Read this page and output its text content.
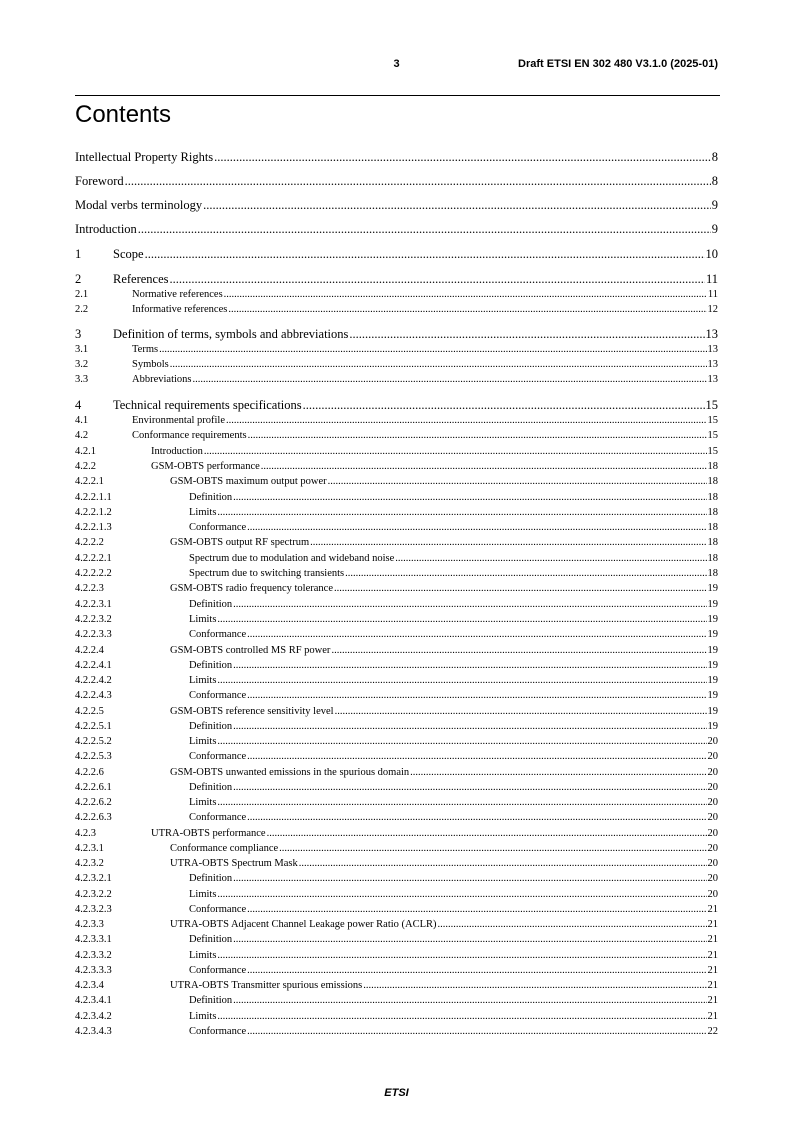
3	Draft ETSI EN 302 480 V3.1.0 (2025-01)
Contents
Intellectual Property Rights .....	8
Foreword .....	8
Modal verbs terminology .....	9
Introduction .....	9
1	Scope .....	10
2	References .....	11
2.1	Normative references .....	11
2.2	Informative references .....	12
3	Definition of terms, symbols and abbreviations .....	13
3.1	Terms .....	13
3.2	Symbols .....	13
3.3	Abbreviations .....	13
4	Technical requirements specifications .....	15
4.1	Environmental profile .....	15
4.2	Conformance requirements .....	15
4.2.1	Introduction .....	15
4.2.2	GSM-OBTS performance .....	18
4.2.2.1	GSM-OBTS maximum output power .....	18
4.2.2.1.1	Definition .....	18
4.2.2.1.2	Limits .....	18
4.2.2.1.3	Conformance .....	18
4.2.2.2	GSM-OBTS output RF spectrum .....	18
4.2.2.2.1	Spectrum due to modulation and wideband noise .....	18
4.2.2.2.2	Spectrum due to switching transients .....	18
4.2.2.3	GSM-OBTS radio frequency tolerance .....	19
4.2.2.3.1	Definition .....	19
4.2.2.3.2	Limits .....	19
4.2.2.3.3	Conformance .....	19
4.2.2.4	GSM-OBTS controlled MS RF power .....	19
4.2.2.4.1	Definition .....	19
4.2.2.4.2	Limits .....	19
4.2.2.4.3	Conformance .....	19
4.2.2.5	GSM-OBTS reference sensitivity level .....	19
4.2.2.5.1	Definition .....	19
4.2.2.5.2	Limits .....	20
4.2.2.5.3	Conformance .....	20
4.2.2.6	GSM-OBTS unwanted emissions in the spurious domain .....	20
4.2.2.6.1	Definition .....	20
4.2.2.6.2	Limits .....	20
4.2.2.6.3	Conformance .....	20
4.2.3	UTRA-OBTS performance .....	20
4.2.3.1	Conformance compliance .....	20
4.2.3.2	UTRA-OBTS Spectrum Mask .....	20
4.2.3.2.1	Definition .....	20
4.2.3.2.2	Limits .....	20
4.2.3.2.3	Conformance .....	21
4.2.3.3	UTRA-OBTS Adjacent Channel Leakage power Ratio (ACLR) .....	21
4.2.3.3.1	Definition .....	21
4.2.3.3.2	Limits .....	21
4.2.3.3.3	Conformance .....	21
4.2.3.4	UTRA-OBTS Transmitter spurious emissions .....	21
4.2.3.4.1	Definition .....	21
4.2.3.4.2	Limits .....	21
4.2.3.4.3	Conformance .....	22
ETSI
